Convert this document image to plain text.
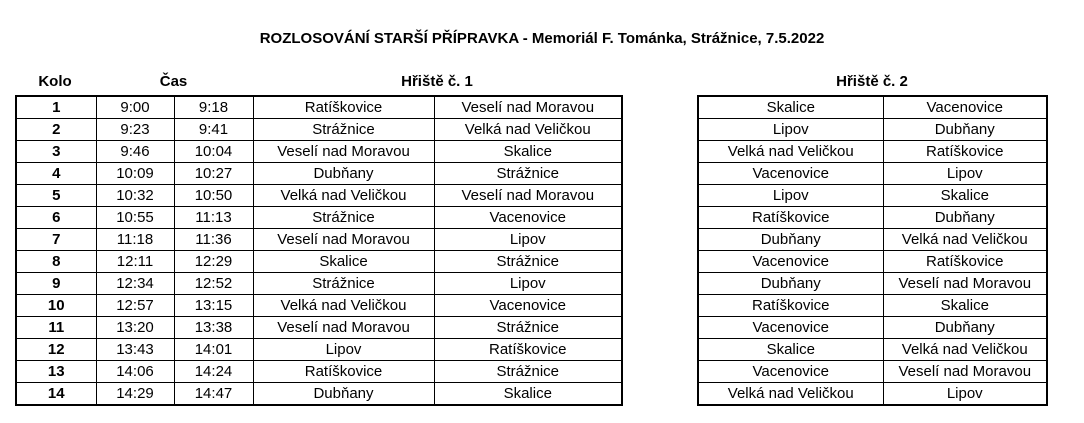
ROZLOSOVÁNÍ STARŠÍ PŘÍPRAVKA - Memoriál F. Tománka, Strážnice, 7.5.2022
Kolo	Čas	Hřiště č. 1	Hřiště č. 2
1	9:00	9:18	Ratíškovice	Veselí nad Moravou
2	9:23	9:41	Strážnice	Velká nad Veličkou
3	9:46	10:04	Veselí nad Moravou	Skalice
4	10:09	10:27	Dubňany	Strážnice
5	10:32	10:50	Velká nad Veličkou	Veselí nad Moravou
6	10:55	11:13	Strážnice	Vacenovice
7	11:18	11:36	Veselí nad Moravou	Lipov
8	12:11	12:29	Skalice	Strážnice
9	12:34	12:52	Strážnice	Lipov
10	12:57	13:15	Velká nad Veličkou	Vacenovice
11	13:20	13:38	Veselí nad Moravou	Strážnice
12	13:43	14:01	Lipov	Ratíškovice
13	14:06	14:24	Ratíškovice	Strážnice
14	14:29	14:47	Dubňany	Skalice
Skalice	Vacenovice
Lipov	Dubňany
Velká nad Veličkou	Ratíškovice
Vacenovice	Lipov
Lipov	Skalice
Ratíškovice	Dubňany
Dubňany	Velká nad Veličkou
Vacenovice	Ratíškovice
Dubňany	Veselí nad Moravou
Ratíškovice	Skalice
Vacenovice	Dubňany
Skalice	Velká nad Veličkou
Vacenovice	Veselí nad Moravou
Velká nad Veličkou	Lipov
